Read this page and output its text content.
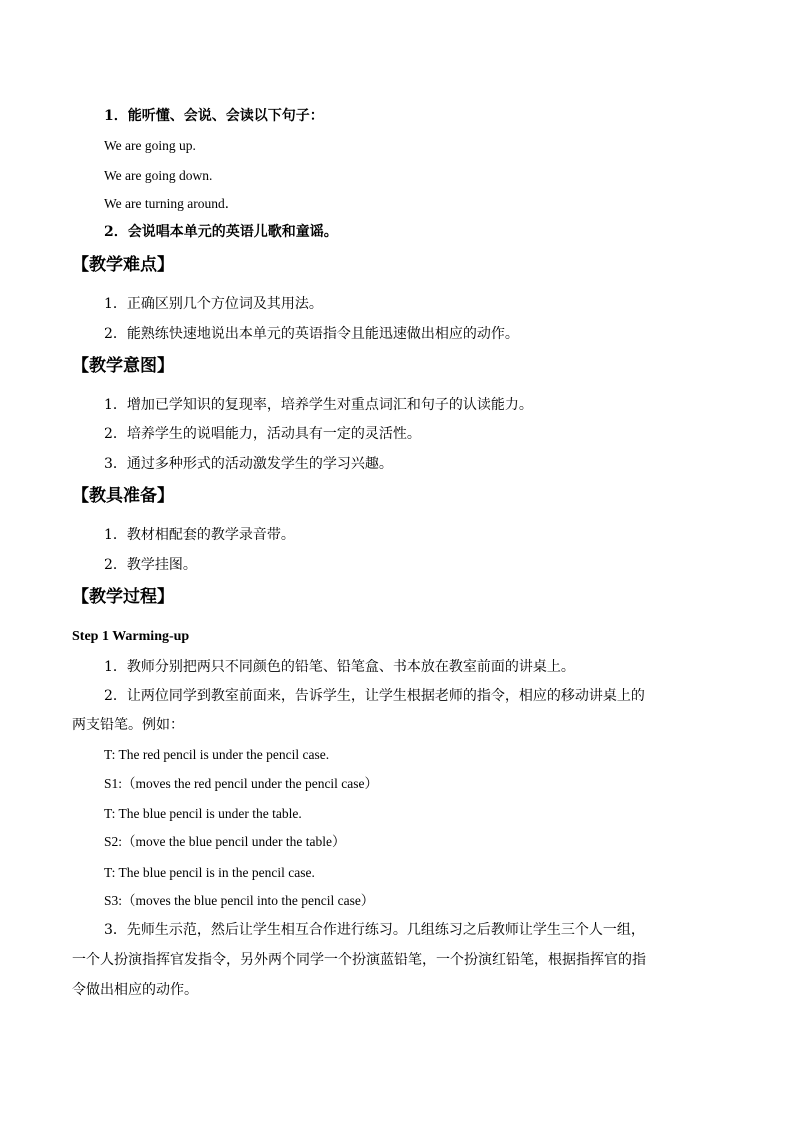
1．能听懂、会说、会读以下句子：
We are going up.
We are going down.
We are turning around．
2．会说唱本单元的英语儿歌和童谣。
【教学难点】
1．正确区别几个方位词及其用法。
2．能熟练快速地说出本单元的英语指令且能迅速做出相应的动作。
【教学意图】
1．增加已学知识的复现率，培养学生对重点词汇和句子的认读能力。
2．培养学生的说唱能力，活动具有一定的灵活性。
3．通过多种形式的活动激发学生的学习兴趣。
【教具准备】
1．教材相配套的教学录音带。
2．教学挂图。
【教学过程】
Step 1 Warming-up
1．教师分别把两只不同颜色的铅笔、铅笔盒、书本放在教室前面的讲桌上。
2．让两位同学到教室前面来，告诉学生，让学生根据老师的指令，相应的移动讲桌上的
两支铅笔。例如：
T: The red pencil is under the pencil case.
S1:（moves the red pencil under the pencil case）
T: The blue pencil is under the table.
S2:（move the blue pencil under the table）
T: The blue pencil is in the pencil case.
S3:（moves the blue pencil into the pencil case）
3．先师生示范，然后让学生相互合作进行练习。几组练习之后教师让学生三个人一组，
一个人扮演指挥官发指令，另外两个同学一个扮演蓝铅笔，一个扮演红铅笔，根据指挥官的指
令做出相应的动作。
